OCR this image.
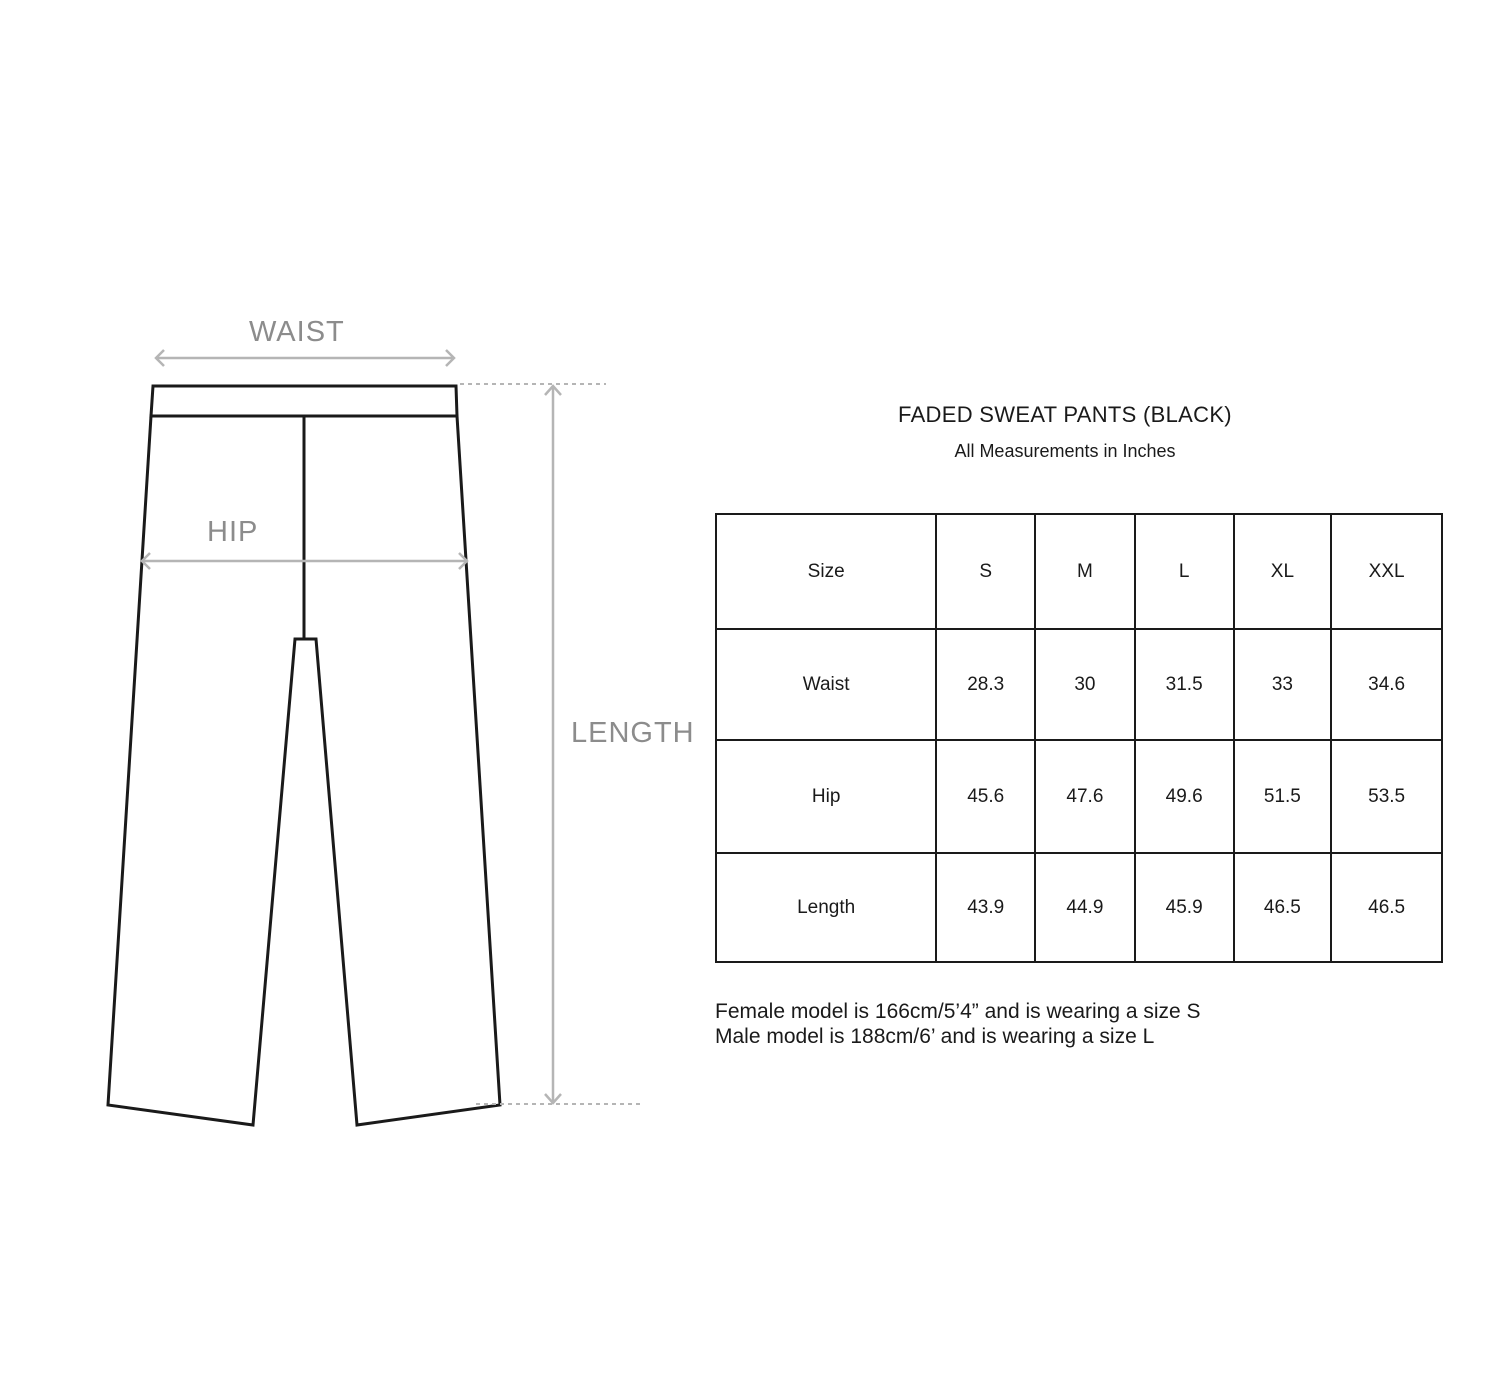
WAIST
HIP
LENGTH
FADED SWEAT PANTS (BLACK)
All Measurements in Inches
Size	S	M	L	XL	XXL
Waist	28.3	30	31.5	33	34.6
Hip	45.6	47.6	49.6	51.5	53.5
Length	43.9	44.9	45.9	46.5	46.5
Female model is 166cm/5’4” and is wearing a size S
Male model is 188cm/6’ and is wearing a size L
